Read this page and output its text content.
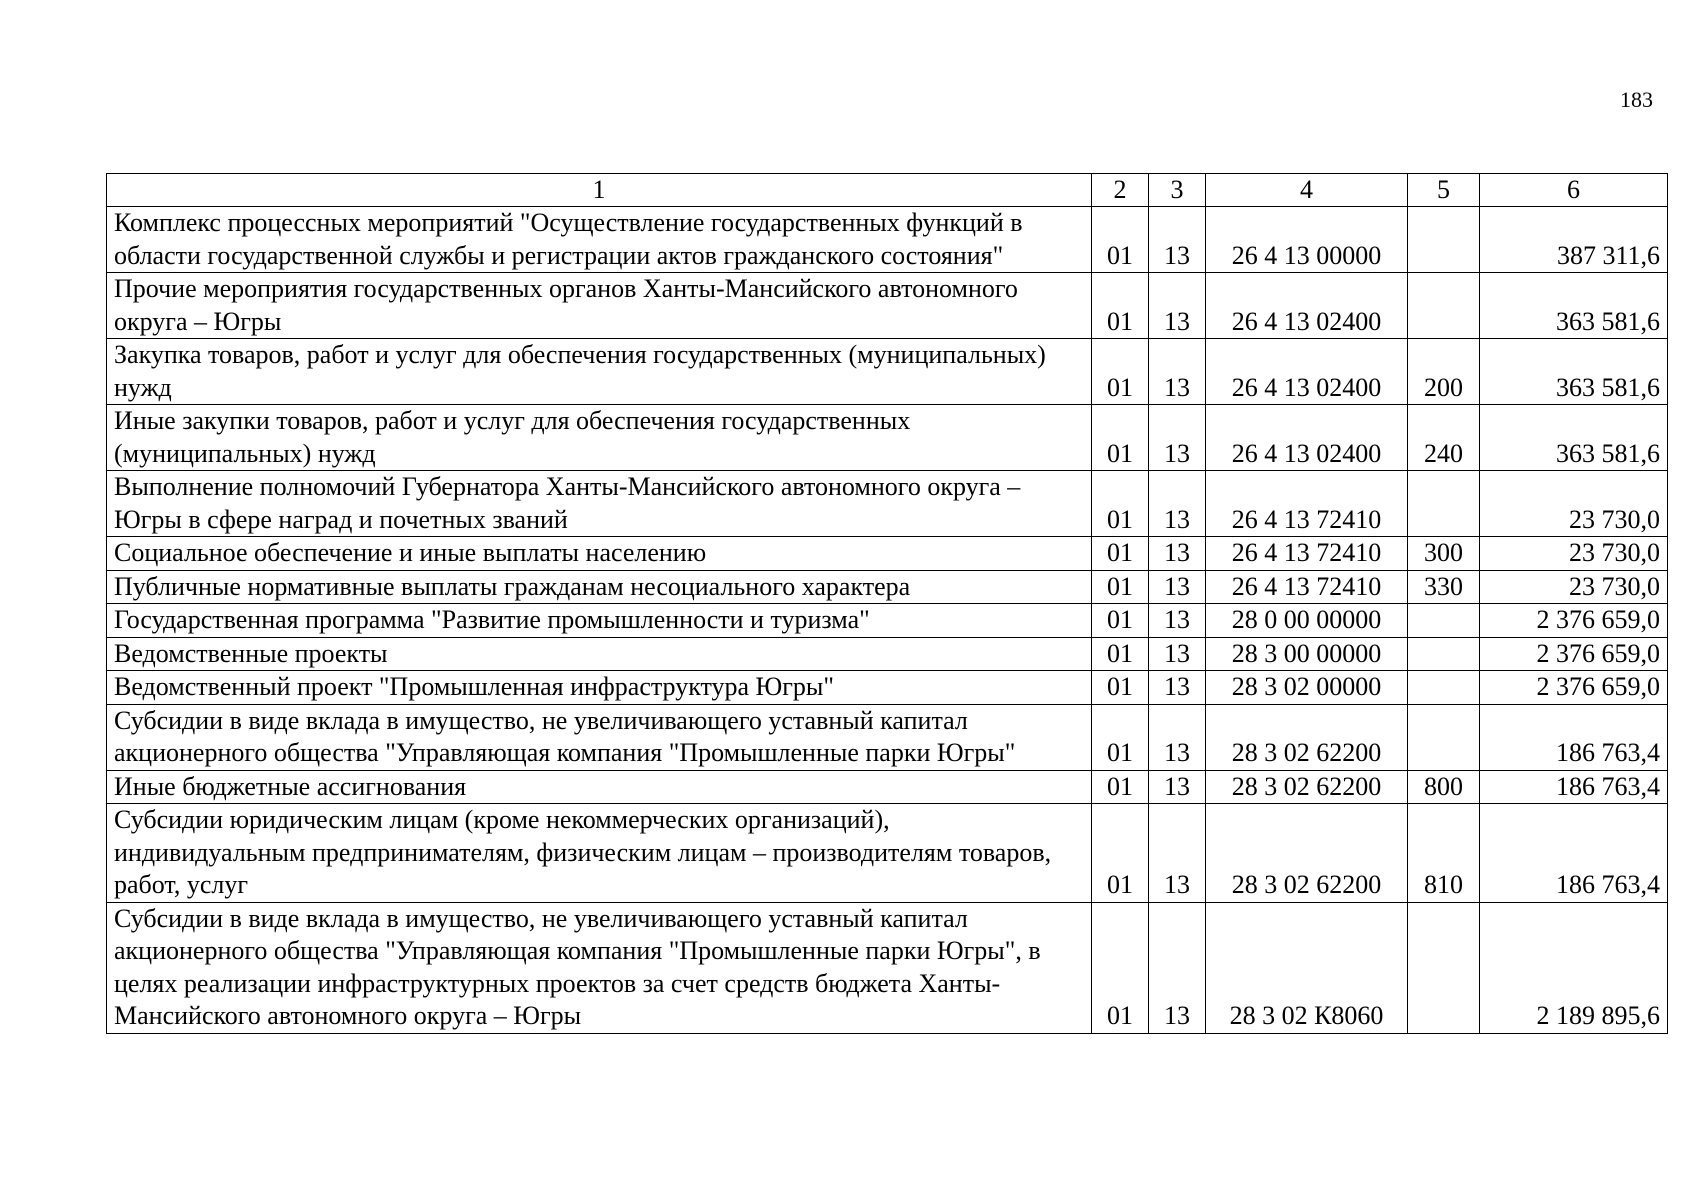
183
1	2	3	4	5	6
Комплекс процессных мероприятий "Осуществление государственных функций в области государственной службы и регистрации актов гражданского состояния"	01	13	26 4 13 00000		387 311,6
Прочие мероприятия государственных органов Ханты-Мансийского автономного округа – Югры	01	13	26 4 13 02400		363 581,6
Закупка товаров, работ и услуг для обеспечения государственных (муниципальных) нужд	01	13	26 4 13 02400	200	363 581,6
Иные закупки товаров, работ и услуг для обеспечения государственных (муниципальных) нужд	01	13	26 4 13 02400	240	363 581,6
Выполнение полномочий Губернатора Ханты-Мансийского автономного округа – Югры в сфере наград и почетных званий	01	13	26 4 13 72410		23 730,0
Социальное обеспечение и иные выплаты населению	01	13	26 4 13 72410	300	23 730,0
Публичные нормативные выплаты гражданам несоциального характера	01	13	26 4 13 72410	330	23 730,0
Государственная программа "Развитие промышленности и туризма"	01	13	28 0 00 00000		2 376 659,0
Ведомственные проекты	01	13	28 3 00 00000		2 376 659,0
Ведомственный проект "Промышленная инфраструктура Югры"	01	13	28 3 02 00000		2 376 659,0
Субсидии в виде вклада в имущество, не увеличивающего уставный капитал акционерного общества "Управляющая компания "Промышленные парки Югры"	01	13	28 3 02 62200		186 763,4
Иные бюджетные ассигнования	01	13	28 3 02 62200	800	186 763,4
Субсидии юридическим лицам (кроме некоммерческих организаций), индивидуальным предпринимателям, физическим лицам – производителям товаров, работ, услуг	01	13	28 3 02 62200	810	186 763,4
Субсидии в виде вклада в имущество, не увеличивающего уставный капитал акционерного общества "Управляющая компания "Промышленные парки Югры", в целях реализации инфраструктурных проектов за счет средств бюджета Ханты-Мансийского автономного округа – Югры	01	13	28 3 02 К8060		2 189 895,6
